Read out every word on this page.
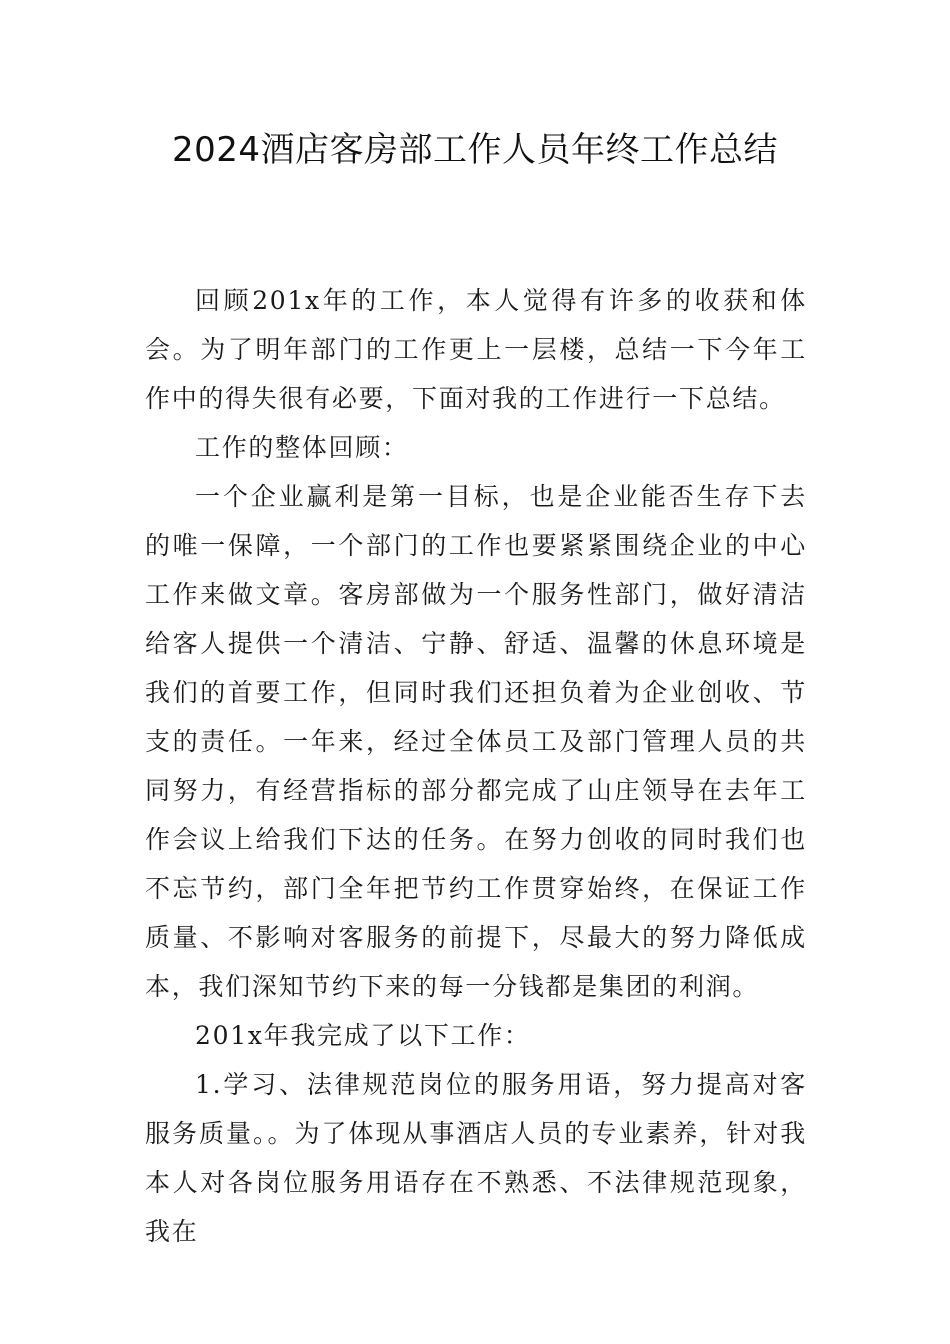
2024酒店客房部工作人员年终工作总结

回顾201x年的工作，本人觉得有许多的收获和体会。为了明年部门的工作更上一层楼，总结一下今年工作中的得失很有必要，下面对我的工作进行一下总结。

工作的整体回顾：

一个企业赢利是第一目标，也是企业能否生存下去的唯一保障，一个部门的工作也要紧紧围绕企业的中心工作来做文章。客房部做为一个服务性部门，做好清洁给客人提供一个清洁、宁静、舒适、温馨的休息环境是我们的首要工作，但同时我们还担负着为企业创收、节支的责任。一年来，经过全体员工及部门管理人员的共同努力，有经营指标的部分都完成了山庄领导在去年工作会议上给我们下达的任务。在努力创收的同时我们也不忘节约，部门全年把节约工作贯穿始终，在保证工作质量、不影响对客服务的前提下，尽最大的努力降低成本，我们深知节约下来的每一分钱都是集团的利润。

201x年我完成了以下工作：

1.学习、法律规范岗位的服务用语，努力提高对客服务质量。。为了体现从事酒店人员的专业素养，针对我本人对各岗位服务用语存在不熟悉、不法律规范现象，我在
